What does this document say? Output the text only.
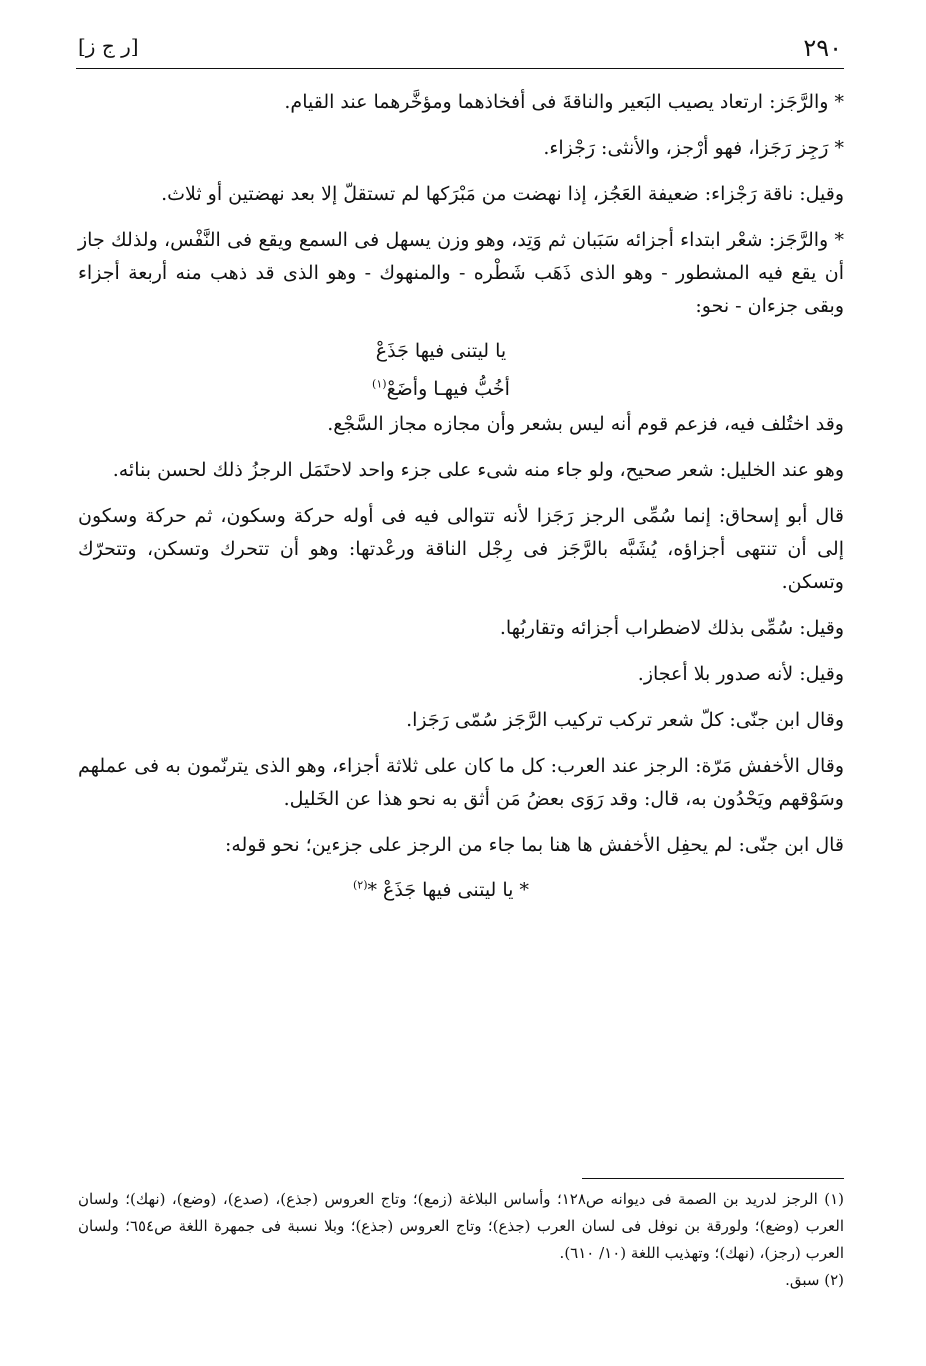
٢٩٠
[ر ج ز]

* والرَّجَز: ارتعاد يصيب البَعير والناقةَ فى أفخاذهما ومؤخَّرهما عند القيام.

* رَجِز رَجَزا، فهو أرْجز، والأنثى: رَجْزاء.

وقيل: ناقة رَجْزاء: ضعيفة العَجُز، إذا نهضت من مَبْرَكها لم تستقلّ إلا بعد نهضتين أو ثلاث.

* والرَّجَز: شعْر ابتداء أجزائه سَبَبان ثم وَتِد، وهو وزن يسهل فى السمع ويقع فى النَّفْس، ولذلك جاز أن يقع فيه المشطور - وهو الذى ذَهَب شَطْره - والمنهوك - وهو الذى قد ذهب منه أربعة أجزاء وبقى جزءان - نحو:

يا ليتنى فيها جَذَعْ
أخُبُّ فيهـا وأضَعْ$^{(١)}$

وقد اختُلف فيه، فزعم قوم أنه ليس بشعر وأن مجازه مجاز السَّجْع.

وهو عند الخليل: شعر صحيح، ولو جاء منه شىء على جزء واحد لاحتَمَل الرجزُ ذلك لحسن بنائه.

قال أبو إسحاق: إنما سُمِّى الرجز رَجَزا لأنه تتوالى فيه فى أوله حركة وسكون، ثم حركة وسكون إلى أن تنتهى أجزاؤه، يُشَبَّه بالرَّجَز فى رِجْل الناقة ورعْدتها: وهو أن تتحرك وتسكن، وتتحرّك وتسكن.

وقيل: سُمِّى بذلك لاضطراب أجزائه وتقاربُها.

وقيل: لأنه صدور بلا أعجاز.

وقال ابن جنّى: كلّ شعر تركب تركيب الرَّجَز سُمّى رَجَزا.

وقال الأخفش مَرّة: الرجز عند العرب: كل ما كان على ثلاثة أجزاء، وهو الذى يترنّمون به فى عملهم وسَوْقهم ويَحْدُون به، قال: وقد رَوَى بعضُ مَن أثق به نحو هذا عن الخَليل.

قال ابن جنّى: لم يحفِل الأخفش ها هنا بما جاء من الرجز على جزءين؛ نحو قوله:

* يا ليتنى فيها جَذَعْ *$^{(٢)}$

(١) الرجز لدريد بن الصمة فى ديوانه ص١٢٨؛ وأساس البلاغة (زمع)؛ وتاج العروس (جذع)، (صدع)، (وضع)، (نهك)؛ ولسان العرب (وضع)؛ ولورقة بن نوفل فى لسان العرب (جذع)؛ وتاج العروس (جذع)؛ وبلا نسبة فى جمهرة اللغة ص٦٥٤؛ ولسان العرب (رجز)، (نهك)؛ وتهذيب اللغة (١٠/ ٦١٠).

(٢) سبق.
